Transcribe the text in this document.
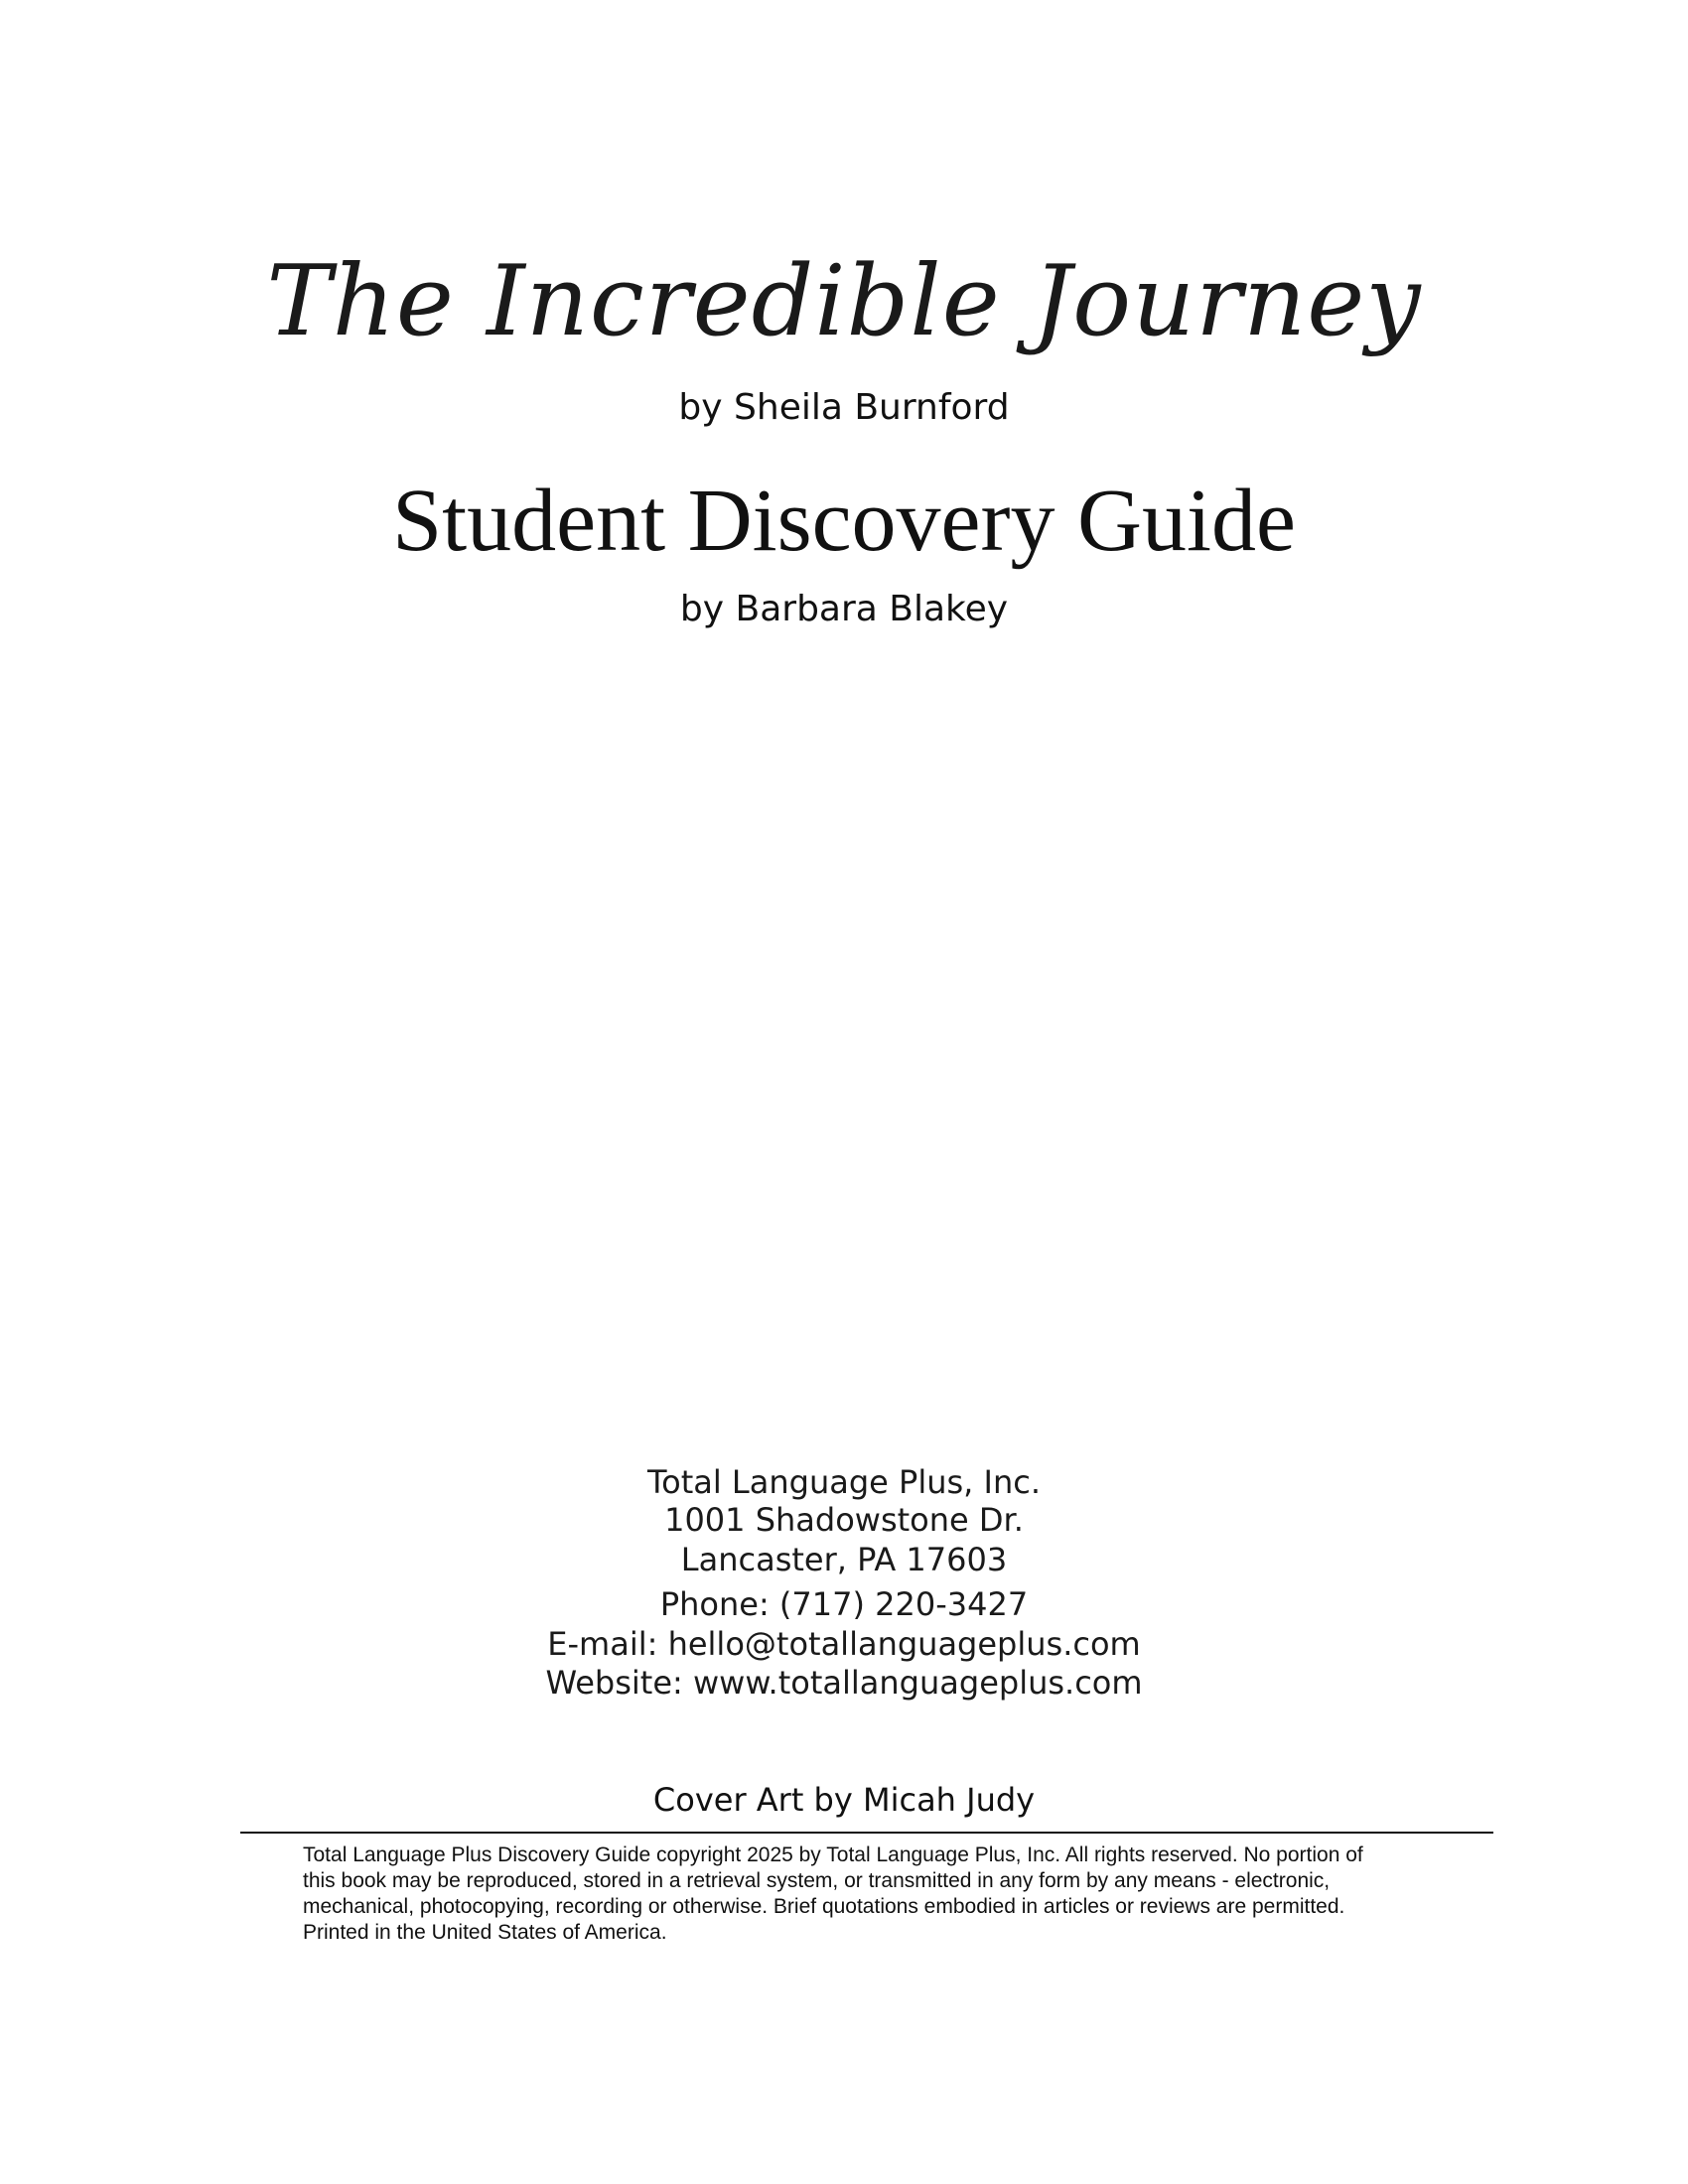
The Incredible Journey
by Sheila Burnford
Student Discovery Guide
by Barbara Blakey
Total Language Plus, Inc.
1001 Shadowstone Dr.
Lancaster, PA 17603
Phone: (717) 220-3427
E-mail: hello@totallanguageplus.com
Website: www.totallanguageplus.com
Cover Art by Micah Judy
Total Language Plus Discovery Guide copyright 2025 by Total Language Plus, Inc. All rights reserved. No portion of
this book may be reproduced, stored in a retrieval system, or transmitted in any form by any means - electronic,
mechanical, photocopying, recording or otherwise. Brief quotations embodied in articles or reviews are permitted.
Printed in the United States of America.
